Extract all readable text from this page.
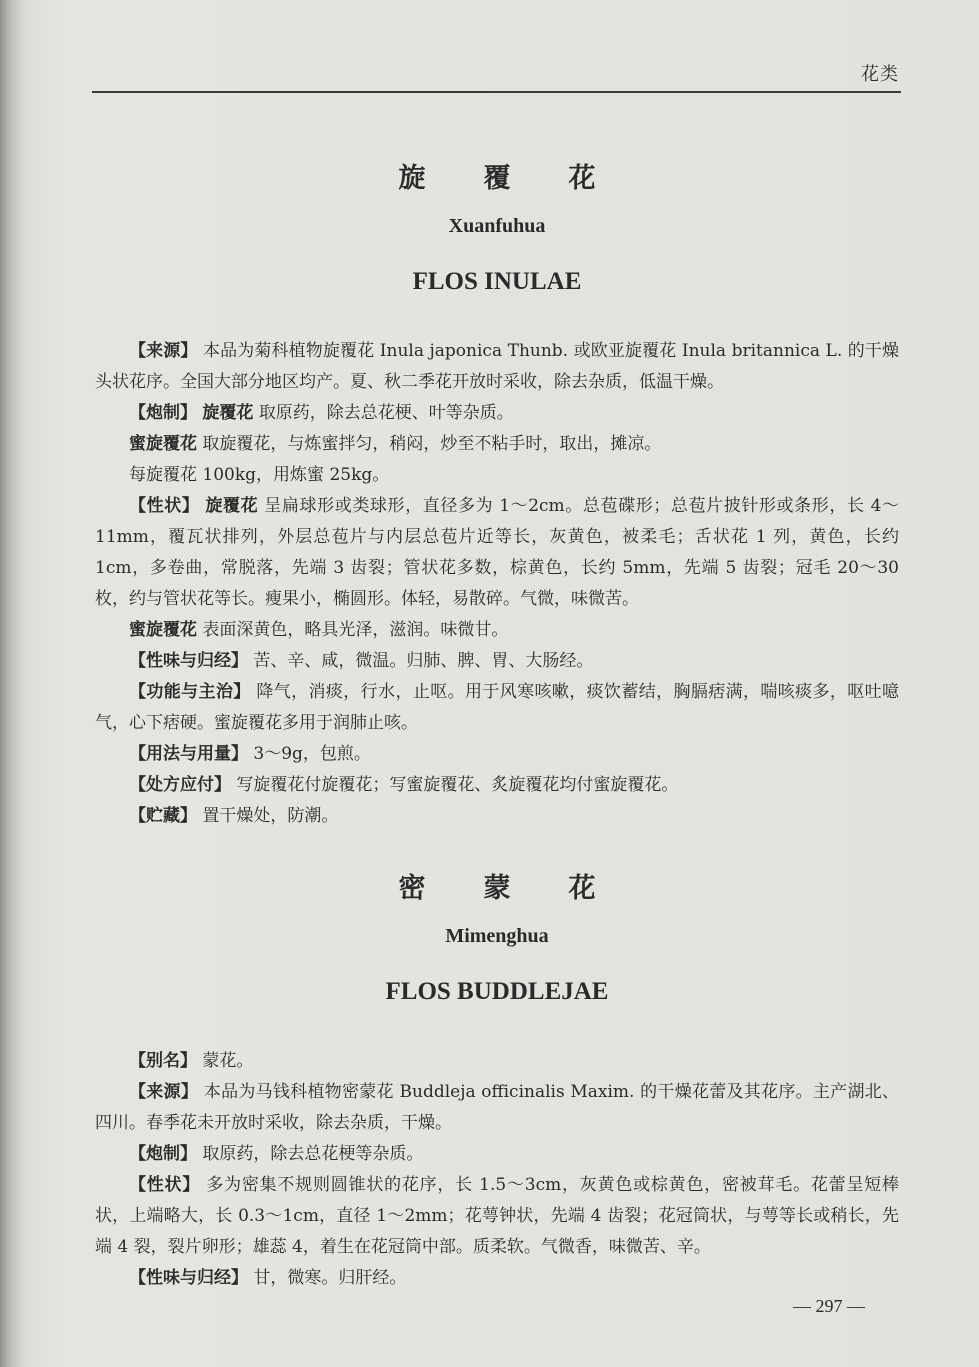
花类
旋覆花
Xuanfuhua
FLOS INULAE

【来源】 本品为菊科植物旋覆花 Inula japonica Thunb. 或欧亚旋覆花 Inula britannica L. 的干燥头状花序。全国大部分地区均产。夏、秋二季花开放时采收，除去杂质，低温干燥。

【炮制】 旋覆花 取原药，除去总花梗、叶等杂质。

蜜旋覆花 取旋覆花，与炼蜜拌匀，稍闷，炒至不粘手时，取出，摊凉。

每旋覆花 100kg，用炼蜜 25kg。

【性状】 旋覆花 呈扁球形或类球形，直径多为 1～2cm。总苞碟形；总苞片披针形或条形，长 4～11mm，覆瓦状排列，外层总苞片与内层总苞片近等长，灰黄色，被柔毛；舌状花 1 列，黄色，长约 1cm，多卷曲，常脱落，先端 3 齿裂；管状花多数，棕黄色，长约 5mm，先端 5 齿裂；冠毛 20～30 枚，约与管状花等长。瘦果小，椭圆形。体轻，易散碎。气微，味微苦。

蜜旋覆花 表面深黄色，略具光泽，滋润。味微甘。

【性味与归经】 苦、辛、咸，微温。归肺、脾、胃、大肠经。

【功能与主治】 降气，消痰，行水，止呕。用于风寒咳嗽，痰饮蓄结，胸膈痞满，喘咳痰多，呕吐噫气，心下痞硬。蜜旋覆花多用于润肺止咳。

【用法与用量】 3～9g，包煎。

【处方应付】 写旋覆花付旋覆花；写蜜旋覆花、炙旋覆花均付蜜旋覆花。

【贮藏】 置干燥处，防潮。

密蒙花
Mimenghua
FLOS BUDDLEJAE

【别名】 蒙花。

【来源】 本品为马钱科植物密蒙花 Buddleja officinalis Maxim. 的干燥花蕾及其花序。主产湖北、四川。春季花未开放时采收，除去杂质，干燥。

【炮制】 取原药，除去总花梗等杂质。

【性状】 多为密集不规则圆锥状的花序，长 1.5～3cm，灰黄色或棕黄色，密被茸毛。花蕾呈短棒状，上端略大，长 0.3～1cm，直径 1～2mm；花萼钟状，先端 4 齿裂；花冠筒状，与萼等长或稍长，先端 4 裂，裂片卵形；雄蕊 4，着生在花冠筒中部。质柔软。气微香，味微苦、辛。

【性味与归经】 甘，微寒。归肝经。

— 297 —
